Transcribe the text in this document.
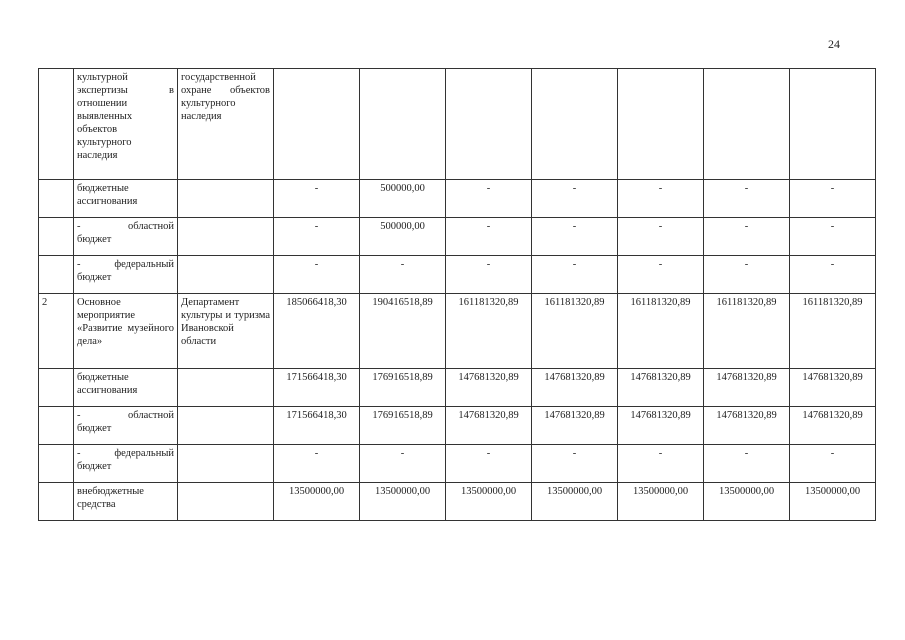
24

	культурной экспертизы в отношении выявленных объектов культурного наследия	государственной охране объектов культурного наследия							

	бюджетные ассигнования		-	500000,00	-	-	-	-	-

	- областной
бюджет		-	500000,00	-	-	-	-	-

	- федеральный
бюджет		-	-	-	-	-	-	-
2	Основное мероприятие «Развитие музейного дела»	Департамент культуры и туризма Ивановской области	185066418,30	190416518,89	161181320,89	161181320,89	161181320,89	161181320,89	161181320,89

	бюджетные ассигнования		171566418,30	176916518,89	147681320,89	147681320,89	147681320,89	147681320,89	147681320,89

	- областной
бюджет		171566418,30	176916518,89	147681320,89	147681320,89	147681320,89	147681320,89	147681320,89

	- федеральный
бюджет		-	-	-	-	-	-	-

	внебюджетные средства		13500000,00	13500000,00	13500000,00	13500000,00	13500000,00	13500000,00	13500000,00
